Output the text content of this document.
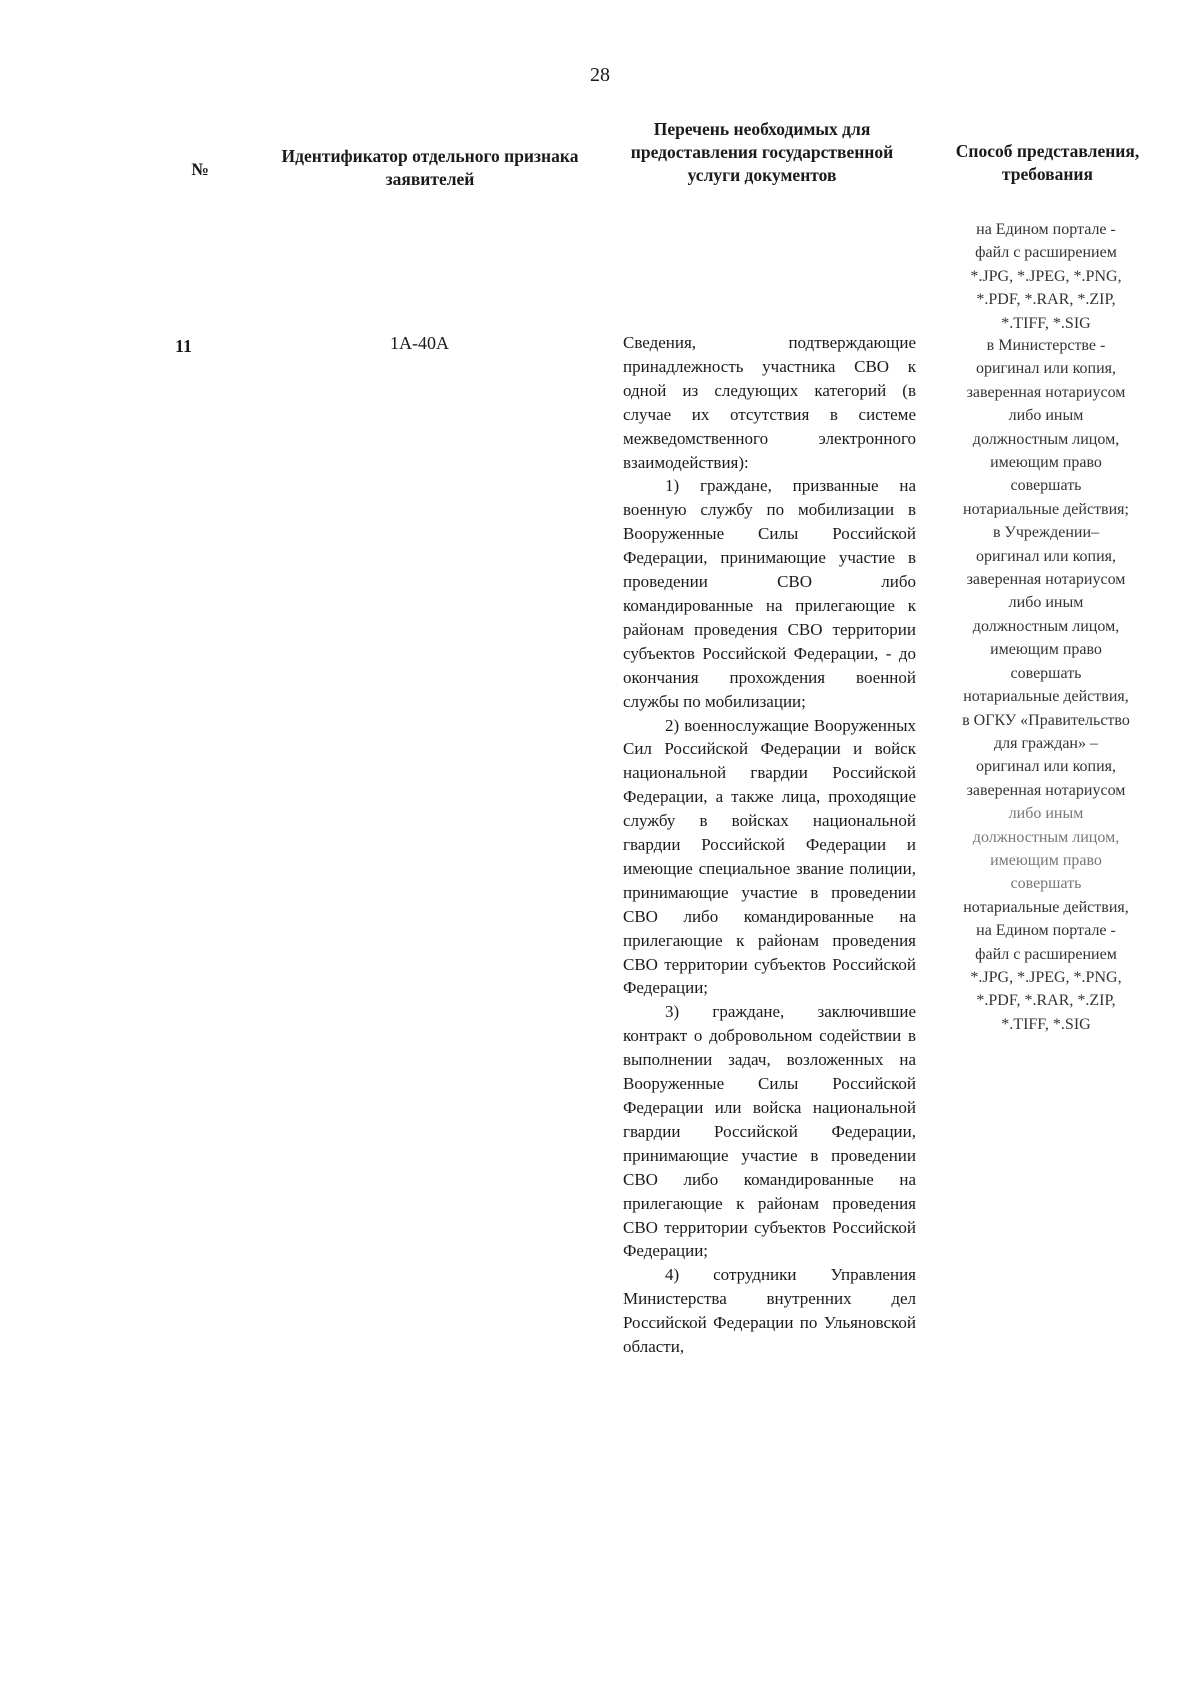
28
№
Идентификатор отдельного признака заявителей
Перечень необходимых для предоставления государственной услуги документов
Способ представления, требования
на Едином портале -
файл с расширением
*.JPG, *.JPEG, *.PNG,
*.PDF, *.RAR, *.ZIP,
*.TIFF, *.SIG
11	1А-40А	Сведения, подтверждающие принадлежность участника СВО к одной из следующих категорий (в случае их отсутствия в системе межведомственного электронного взаимодействия):

1) граждане, призванные на военную службу по мобилизации в Вооруженные Силы Российской Федерации, принимающие участие в проведении СВО либо командированные на прилегающие к районам проведения СВО территории субъектов Российской Федерации, - до окончания прохождения военной службы по мобилизации;

2) военнослужащие Вооруженных Сил Российской Федерации и войск национальной гвардии Российской Федерации, а также лица, проходящие службу в войсках национальной гвардии Российской Федерации и имеющие специальное звание полиции, принимающие участие в проведении СВО либо командированные на прилегающие к районам проведения СВО территории субъектов Российской Федерации;

3) граждане, заключившие контракт о добровольном содействии в выполнении задач, возложенных на Вооруженные Силы Российской Федерации или войска национальной гвардии Российской Федерации, принимающие участие в проведении СВО либо командированные на прилегающие к районам проведения СВО территории субъектов Российской Федерации;

4) сотрудники Управления Министерства внутренних дел Российской Федерации по Ульяновской области,

в Министерстве -
оригинал или копия,
заверенная нотариусом
либо иным
должностным лицом,
имеющим право
совершать
нотариальные действия;
в Учреждении–
оригинал или копия,
заверенная нотариусом
либо иным
должностным лицом,
имеющим право
совершать
нотариальные действия,
в ОГКУ «Правительство
для граждан» –
оригинал или копия,
заверенная нотариусом
либо иным
должностным лицом,
имеющим право
совершать
нотариальные действия,
на Едином портале -
файл с расширением
*.JPG, *.JPEG, *.PNG,
*.PDF, *.RAR, *.ZIP,
*.TIFF, *.SIG
